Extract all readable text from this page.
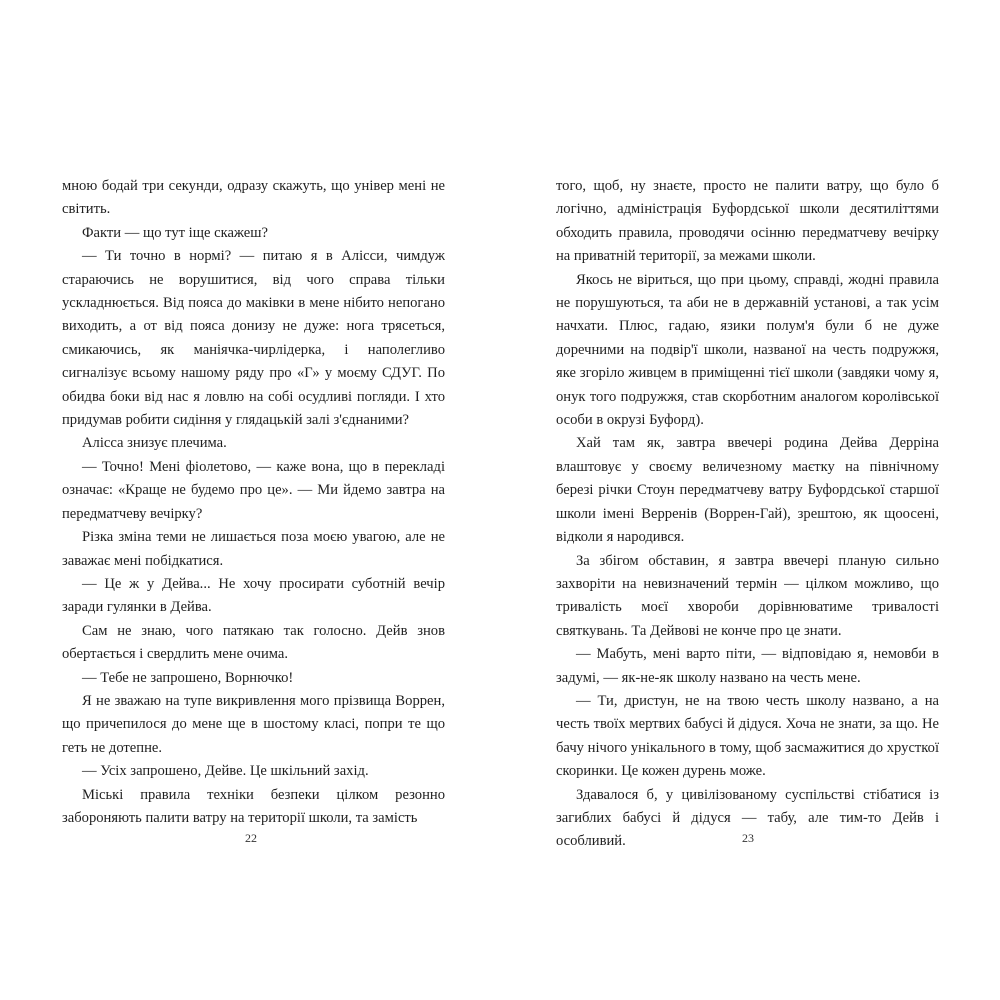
мною бодай три секунди, одразу скажуть, що універ мені не світить.

Факти — що тут іще скажеш?

— Ти точно в нормі? — питаю я в Алісси, чимдуж стараючись не ворушитися, від чого справа тільки ускладнюється. Від пояса до маківки в мене нібито непогано виходить, а от від пояса донизу не дуже: нога трясеться, смикаючись, як маніячка-чирлідерка, і наполегливо сигналізує всьому нашому ряду про «Г» у моєму СДУГ. По обидва боки від нас я ловлю на собі осудливі погляди. І хто придумав робити сидіння у глядацькій залі з'єднаними?

Алісса знизує плечима.

— Точно! Мені фіолетово, — каже вона, що в перекладі означає: «Краще не будемо про це». — Ми йдемо завтра на передматчеву вечірку?

Різка зміна теми не лишається поза моєю увагою, але не заважає мені побідкатися.

— Це ж у Дейва... Не хочу просирати суботній вечір заради гулянки в Дейва.

Сам не знаю, чого патякаю так голосно. Дейв знов обертається і свердлить мене очима.

— Тебе не запрошено, Ворнючко!

Я не зважаю на тупе викривлення мого прізвища Воррен, що причепилося до мене ще в шостому класі, попри те що геть не дотепне.

— Усіх запрошено, Дейве. Це шкільний захід.

Міські правила техніки безпеки цілком резонно забороняють палити ватру на території школи, та замість

22

того, щоб, ну знаєте, просто не палити ватру, що було б логічно, адміністрація Буфордської школи десятиліттями обходить правила, проводячи осінню передматчеву вечірку на приватній території, за межами школи.

Якось не віриться, що при цьому, справді, жодні правила не порушуються, та аби не в державній установі, а так усім начхати. Плюс, гадаю, язики полум'я були б не дуже доречними на подвір'ї школи, названої на честь подружжя, яке згоріло живцем в приміщенні тієї школи (завдяки чому я, онук того подружжя, став скорботним аналогом королівської особи в окрузі Буфорд).

Хай там як, завтра ввечері родина Дейва Дерріна влаштовує у своєму величезному маєтку на північному березі річки Стоун передматчеву ватру Буфордської старшої школи імені Верренів (Воррен-Гай), зрештою, як щоосені, відколи я народився.

За збігом обставин, я завтра ввечері планую сильно захворіти на невизначений термін — цілком можливо, що тривалість моєї хвороби дорівнюватиме тривалості святкувань. Та Дейвові не конче про це знати.

— Мабуть, мені варто піти, — відповідаю я, немовби в задумі, — як-не-як школу названо на честь мене.

— Ти, дристун, не на твою честь школу названо, а на честь твоїх мертвих бабусі й дідуся. Хоча не знати, за що. Не бачу нічого унікального в тому, щоб засмажитися до хрусткої скоринки. Це кожен дурень може.

Здавалося б, у цивілізованому суспільстві стібатися із загиблих бабусі й дідуся — табу, але тим-то Дейв і особливий.	23
